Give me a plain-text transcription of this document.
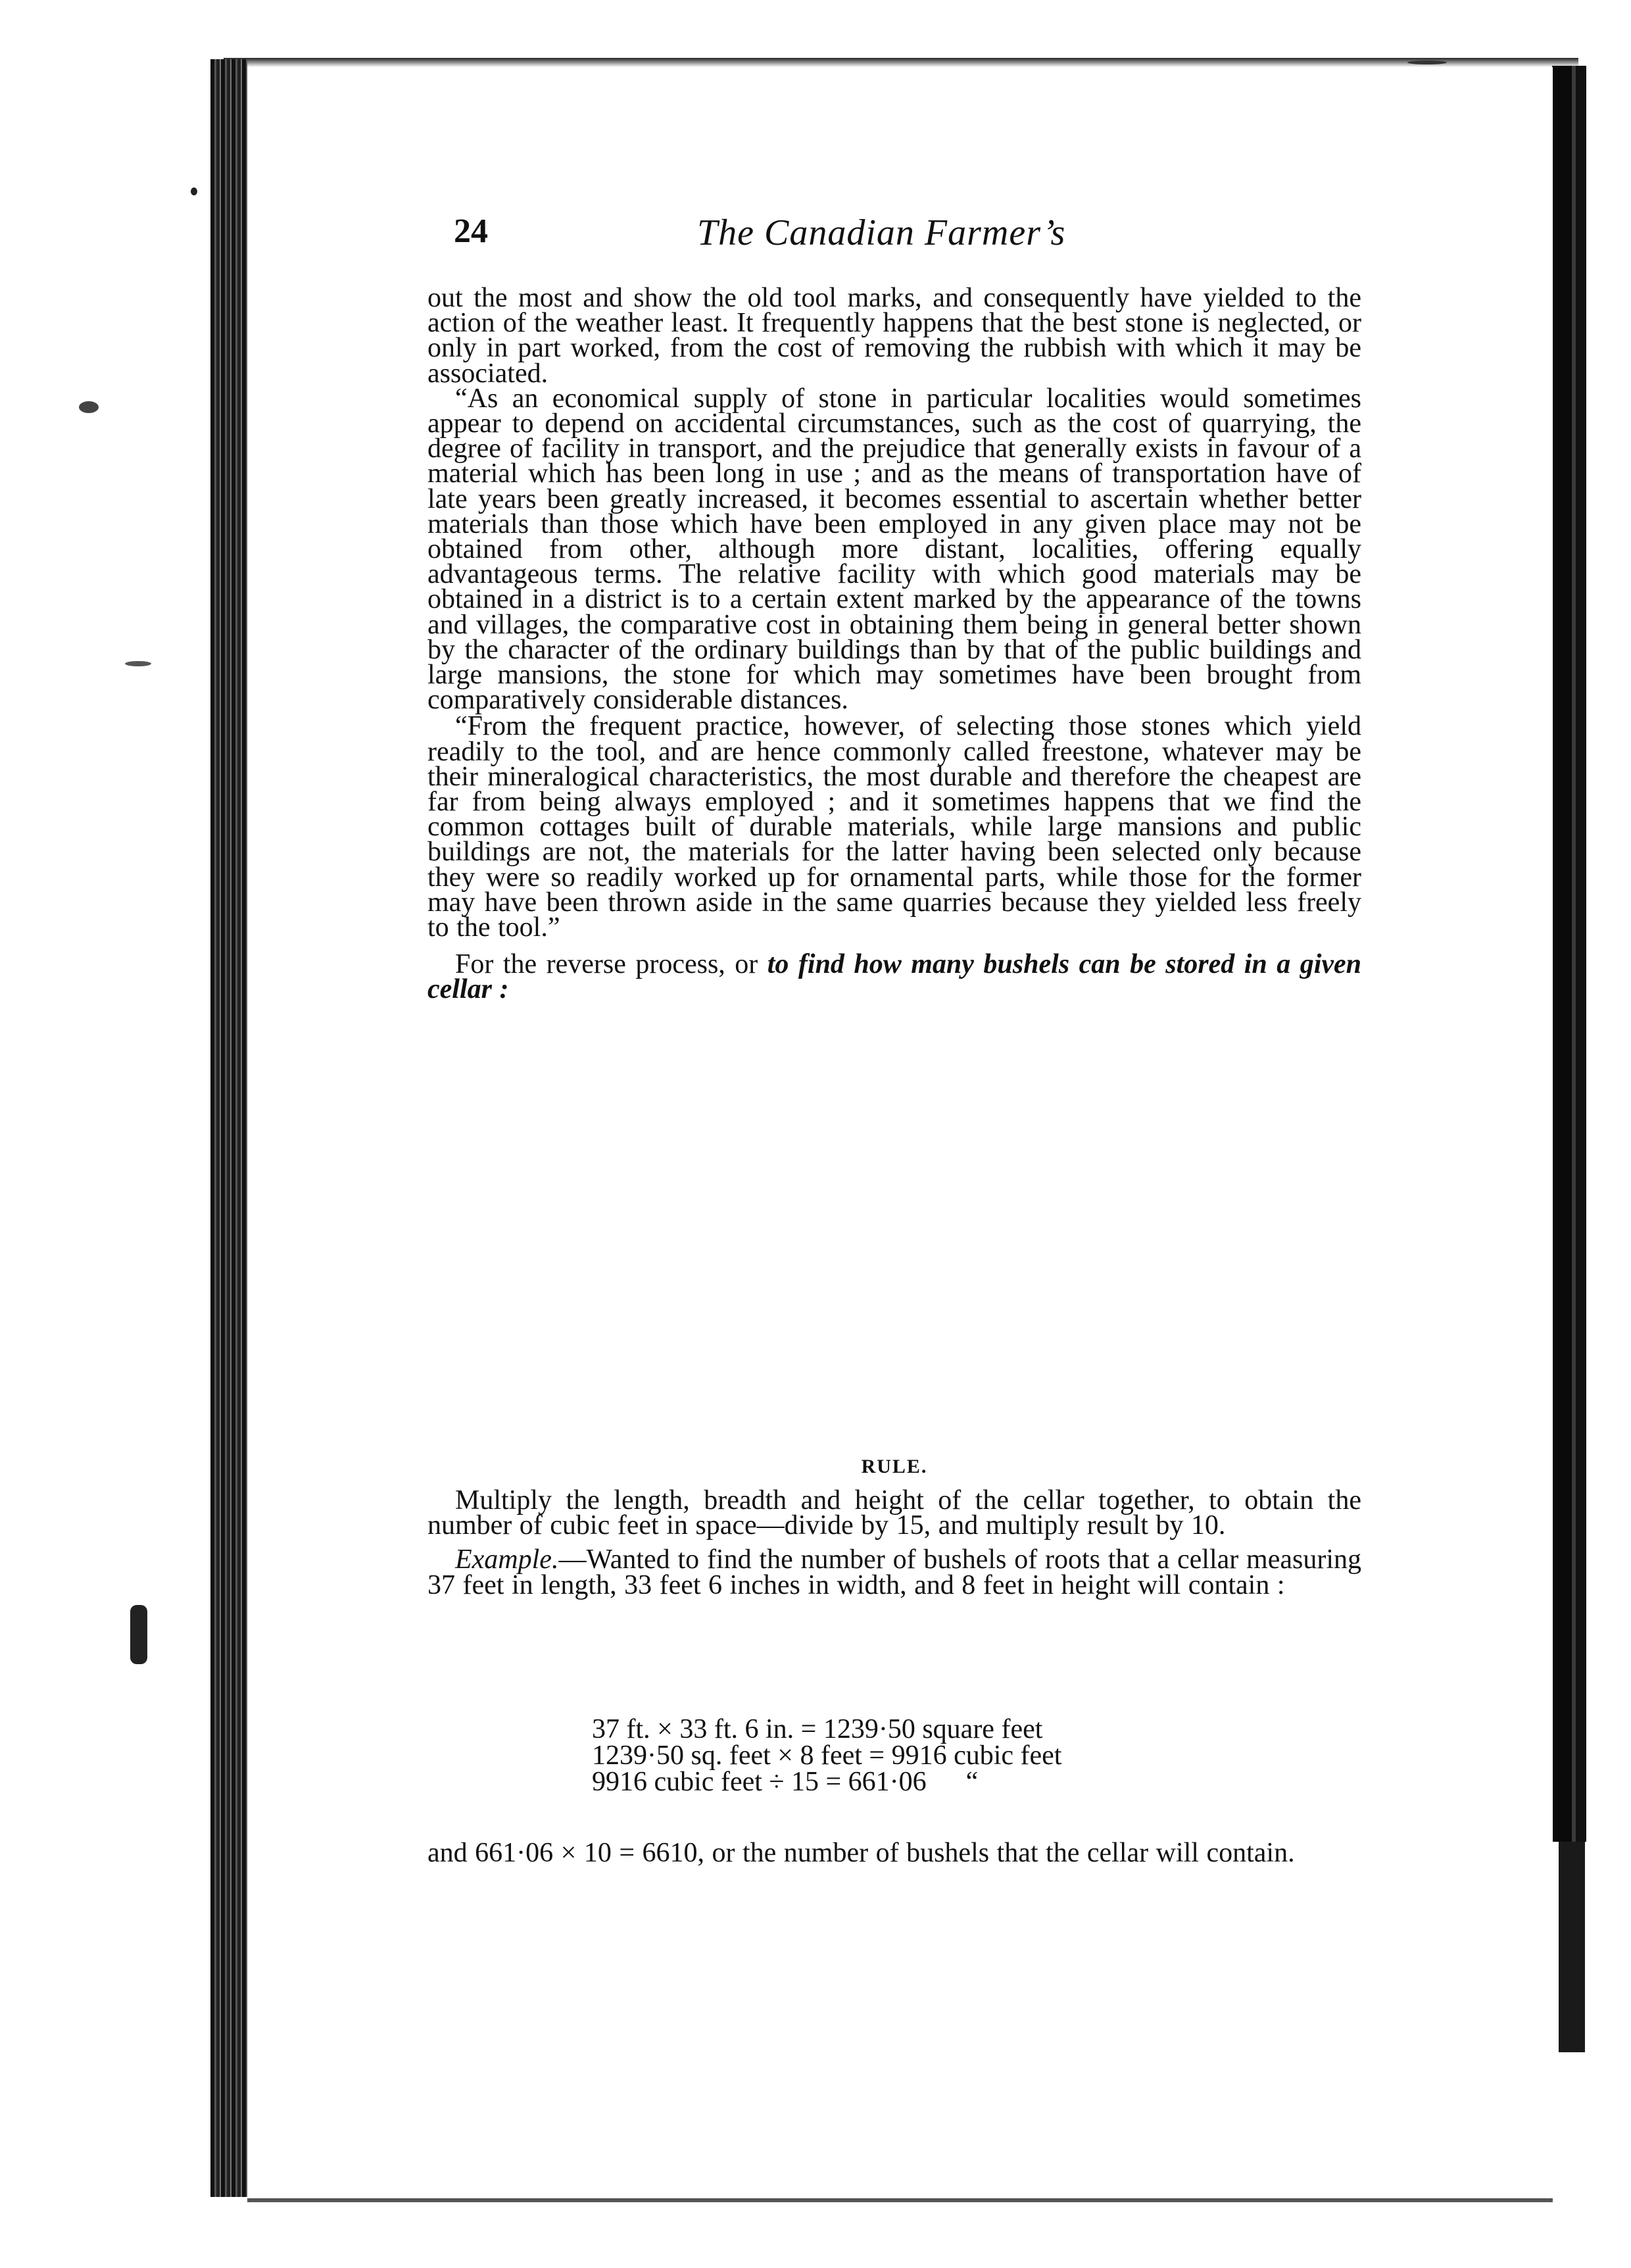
24	The Canadian Farmer’s

out the most and show the old tool marks, and consequently have yielded to the action of the weather least. It frequently happens that the best stone is neglected, or only in part worked, from the cost of removing the rubbish with which it may be associated.

“As an economical supply of stone in particular localities would sometimes appear to depend on accidental circumstances, such as the cost of quarrying, the degree of facility in transport, and the prejudice that generally exists in favour of a material which has been long in use ; and as the means of transportation have of late years been greatly increased, it becomes essential to ascertain whether better materials than those which have been employed in any given place may not be obtained from other, although more distant, localities, offering equally advantageous terms. The relative facility with which good materials may be obtained in a district is to a certain extent marked by the appearance of the towns and villages, the comparative cost in obtaining them being in general better shown by the character of the ordinary buildings than by that of the public buildings and large mansions, the stone for which may sometimes have been brought from comparatively considerable distances.

“From the frequent practice, however, of selecting those stones which yield readily to the tool, and are hence commonly called freestone, whatever may be their mineralogical characteristics, the most durable and therefore the cheapest are far from being always employed ; and it sometimes happens that we find the common cottages built of durable materials, while large mansions and public buildings are not, the materials for the latter having been selected only because they were so readily worked up for ornamental parts, while those for the former may have been thrown aside in the same quarries because they yielded less freely to the tool.”

For the reverse process, or to find how many bushels can be stored in a given cellar :

RULE.

Multiply the length, breadth and height of the cellar together, to obtain the number of cubic feet in space—divide by 15, and multiply result by 10.

Example.—Wanted to find the number of bushels of roots that a cellar measuring 37 feet in length, 33 feet 6 inches in width, and 8 feet in height will contain :

37 ft. × 33 ft. 6 in. = 1239·50 square feet
1239·50 sq. feet × 8 feet = 9916 cubic feet
9916 cubic feet ÷ 15 = 661·06 “

and 661·06 × 10 = 6610, or the number of bushels that the cellar will contain.
